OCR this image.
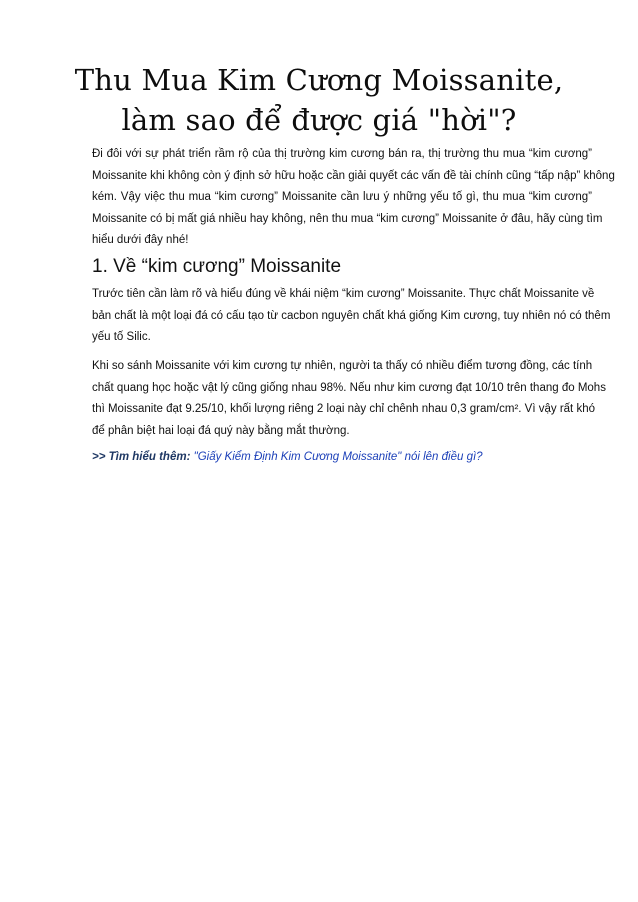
Thu Mua Kim Cương Moissanite,
làm sao để được giá "hời"?

Đi đôi với sự phát triển rầm rộ của thị trường kim cương bán ra, thị trường thu mua “kim cương”
Moissanite khi không còn ý định sở hữu hoặc cần giải quyết các vấn đề tài chính cũng “tấp nập” không
kém. Vậy việc thu mua “kim cương” Moissanite cần lưu ý những yếu tố gì, thu mua “kim cương”
Moissanite có bị mất giá nhiều hay không, nên thu mua “kim cương” Moissanite ở đâu, hãy cùng tìm
hiểu dưới đây nhé!

1. Về “kim cương” Moissanite

Trước tiên cần làm rõ và hiểu đúng về khái niệm “kim cương” Moissanite. Thực chất Moissanite về
bản chất là một loại đá có cấu tạo từ cacbon nguyên chất khá giống Kim cương, tuy nhiên nó có thêm
yếu tố Silic.

Khi so sánh Moissanite với kim cương tự nhiên, người ta thấy có nhiều điểm tương đồng, các tính
chất quang học hoặc vật lý cũng giống nhau 98%. Nếu như kim cương đạt 10/10 trên thang đo Mohs
thì Moissanite đạt 9.25/10, khối lượng riêng 2 loại này chỉ chênh nhau 0,3 gram/cm². Vì vậy rất khó
để phân biệt hai loại đá quý này bằng mắt thường.

>> Tìm hiểu thêm: "Giấy Kiểm Định Kim Cương Moissanite" nói lên điều gì?
